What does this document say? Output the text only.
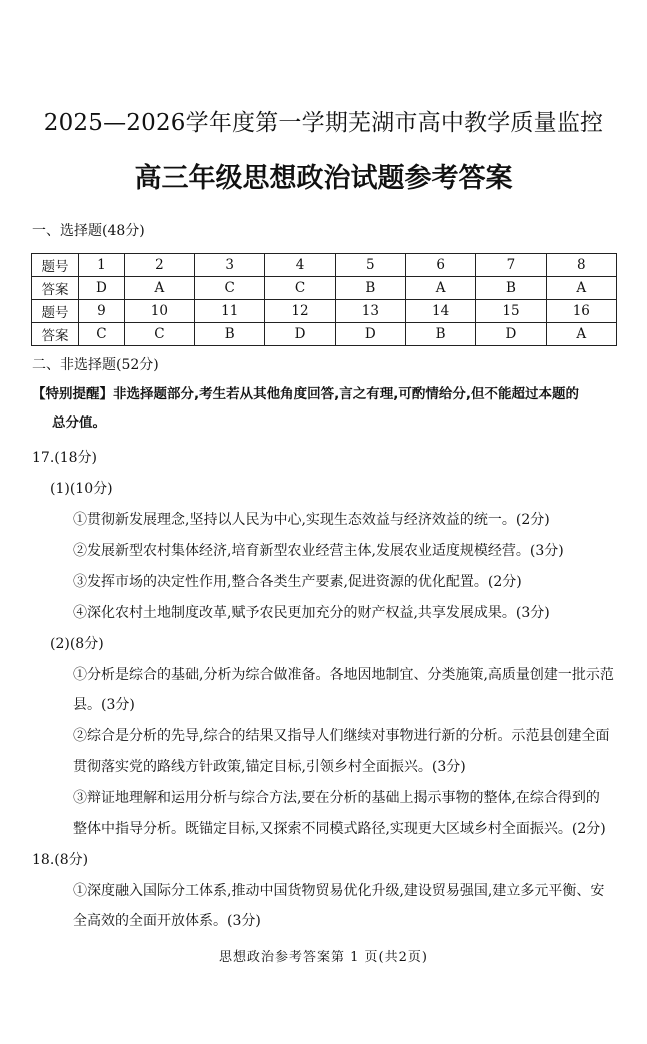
2025—2026学年度第一学期芜湖市高中教学质量监控
高三年级思想政治试题参考答案
一、选择题(48分)
题号	1	2	3	4	5	6	7	8
答案	D	A	C	C	B	A	B	A
题号	9	10	11	12	13	14	15	16
答案	C	C	B	D	D	B	D	A
二、非选择题(52分)
【特别提醒】非选择题部分,考生若从其他角度回答,言之有理,可酌情给分,但不能超过本题的
总分值。
17.(18分)
(1)(10分)
①贯彻新发展理念,坚持以人民为中心,实现生态效益与经济效益的统一。(2分)
②发展新型农村集体经济,培育新型农业经营主体,发展农业适度规模经营。(3分)
③发挥市场的决定性作用,整合各类生产要素,促进资源的优化配置。(2分)
④深化农村土地制度改革,赋予农民更加充分的财产权益,共享发展成果。(3分)
(2)(8分)
①分析是综合的基础,分析为综合做准备。各地因地制宜、分类施策,高质量创建一批示范
县。(3分)
②综合是分析的先导,综合的结果又指导人们继续对事物进行新的分析。示范县创建全面
贯彻落实党的路线方针政策,锚定目标,引领乡村全面振兴。(3分)
③辩证地理解和运用分析与综合方法,要在分析的基础上揭示事物的整体,在综合得到的
整体中指导分析。既锚定目标,又探索不同模式路径,实现更大区域乡村全面振兴。(2分)
18.(8分)
①深度融入国际分工体系,推动中国货物贸易优化升级,建设贸易强国,建立多元平衡、安
全高效的全面开放体系。(3分)
思想政治参考答案第 1 页(共2页)
